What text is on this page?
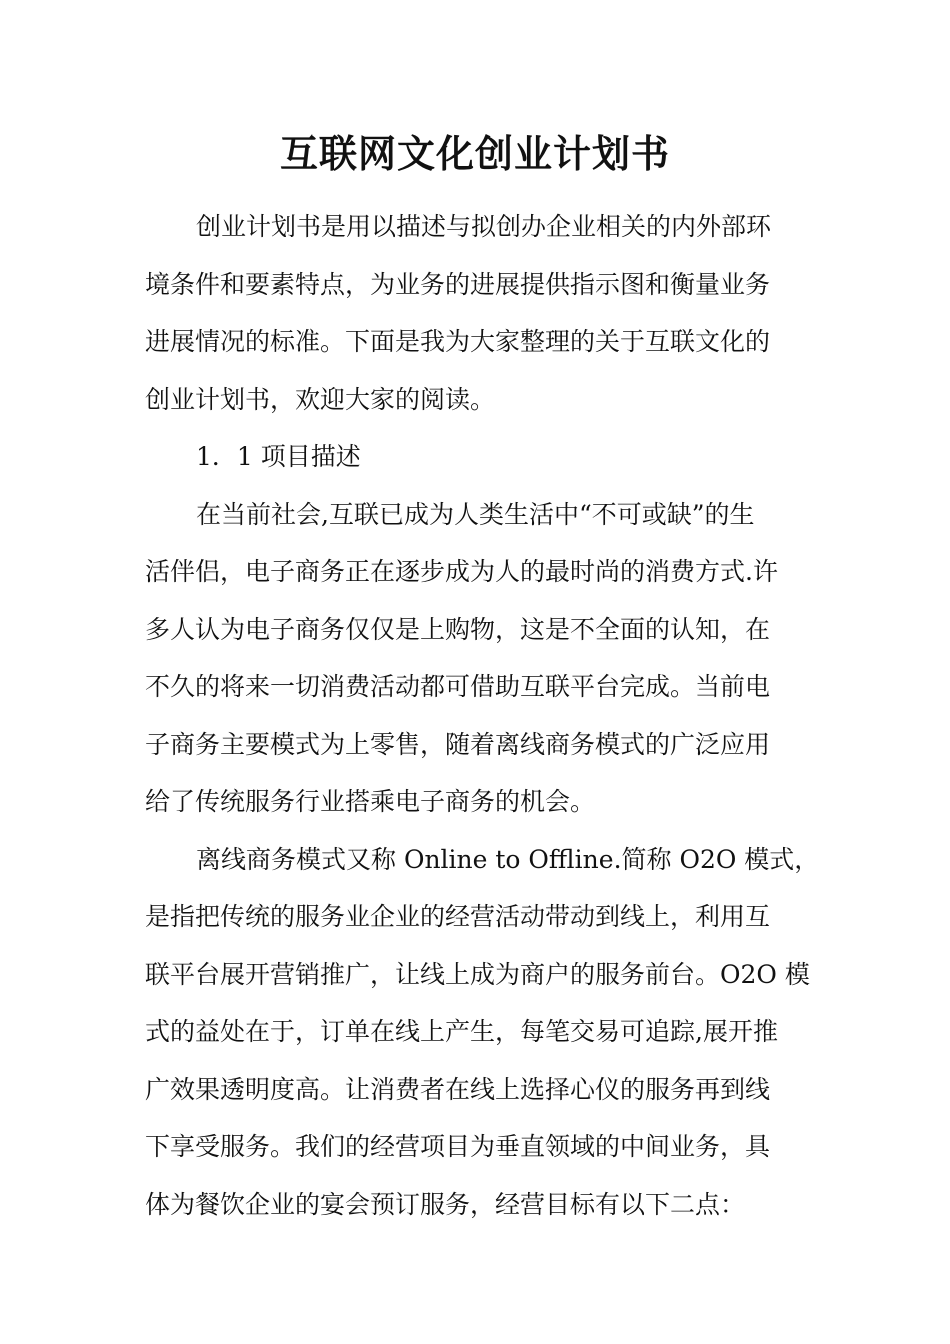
互联网文化创业计划书

创业计划书是用以描述与拟创办企业相关的内外部环
境条件和要素特点，为业务的进展提供指示图和衡量业务
进展情况的标准。下面是我为大家整理的关于互联文化的
创业计划书，欢迎大家的阅读。

1．1 项目描述

在当前社会,互联已成为人类生活中“不可或缺”的生
活伴侣，电子商务正在逐步成为人的最时尚的消费方式.许
多人认为电子商务仅仅是上购物，这是不全面的认知，在
不久的将来一切消费活动都可借助互联平台完成。当前电
子商务主要模式为上零售，随着离线商务模式的广泛应用
给了传统服务行业搭乘电子商务的机会。

离线商务模式又称 Online to Offline.简称 O2O 模式，
是指把传统的服务业企业的经营活动带动到线上，利用互
联平台展开营销推广，让线上成为商户的服务前台。O2O 模
式的益处在于，订单在线上产生，每笔交易可追踪,展开推
广效果透明度高。让消费者在线上选择心仪的服务再到线
下享受服务。我们的经营项目为垂直领域的中间业务，具
体为餐饮企业的宴会预订服务，经营目标有以下二点：
